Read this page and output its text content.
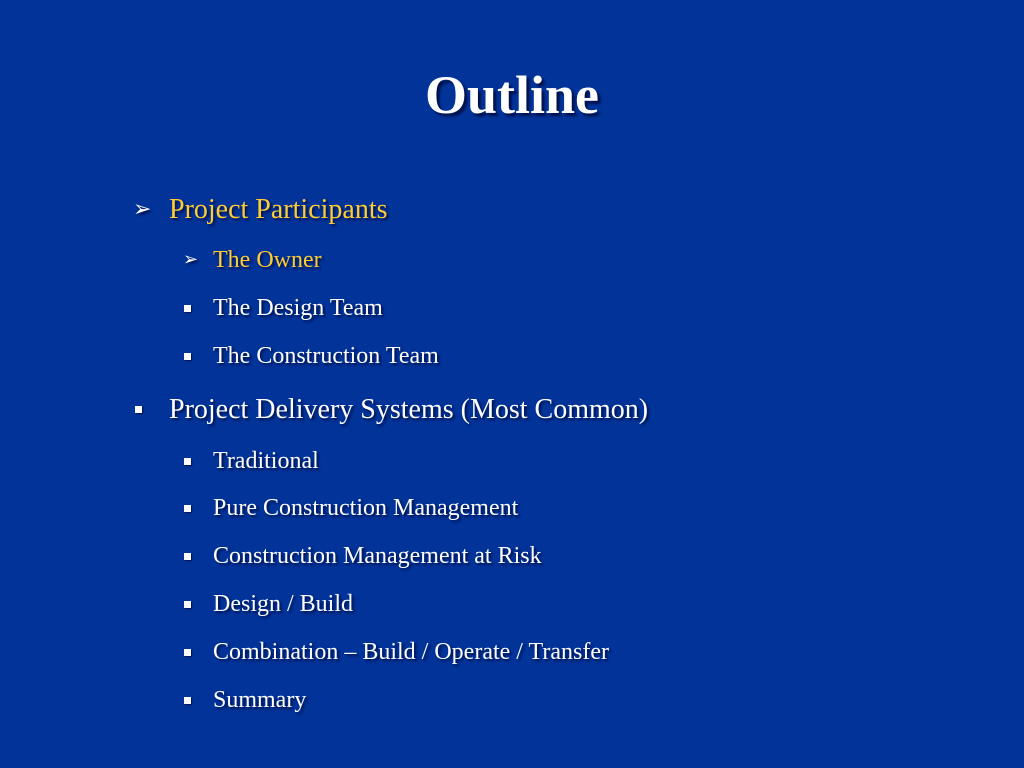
Outline
➢ Project Participants
➢ The Owner
The Design Team
The Construction Team
Project Delivery Systems (Most Common)
Traditional
Pure Construction Management
Construction Management at Risk
Design / Build
Combination – Build / Operate / Transfer
Summary
